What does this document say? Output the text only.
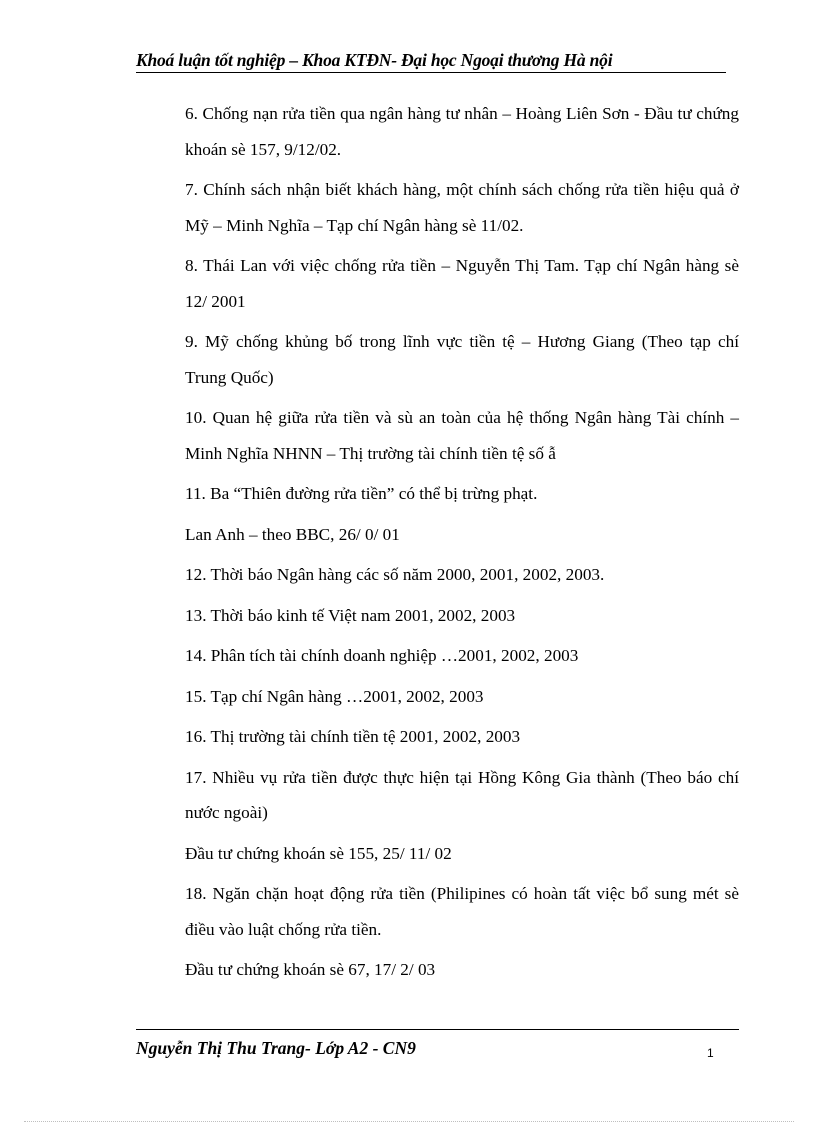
Khoá luận tốt nghiệp – Khoa KTĐN- Đại học Ngoại thương Hà nội

6. Chống nạn rửa tiền qua ngân hàng tư nhân – Hoàng Liên Sơn - Đầu tư chứng khoán sè 157, 9/12/02.

7. Chính sách nhận biết khách hàng, một chính sách chống rửa tiền hiệu quả ở Mỹ – Minh Nghĩa – Tạp chí Ngân hàng sè 11/02.

8. Thái Lan với việc chống rửa tiền – Nguyễn Thị Tam. Tạp chí Ngân hàng sè 12/ 2001

9. Mỹ chống khủng bố trong lĩnh vực tiền tệ – Hương Giang (Theo tạp chí Trung Quốc)

10. Quan hệ giữa rửa tiền và sù an toàn của hệ thống Ngân hàng Tài chính – Minh Nghĩa NHNN – Thị trường tài chính tiền tệ số ẫ

11. Ba “Thiên đường rửa tiền” có thể bị trừng phạt.

Lan Anh – theo BBC, 26/ 0/ 01

12. Thời báo Ngân hàng các số năm 2000, 2001, 2002, 2003.

13. Thời báo kinh tế Việt nam 2001, 2002, 2003

14. Phân tích tài chính doanh nghiệp …2001, 2002, 2003

15. Tạp chí Ngân hàng …2001, 2002, 2003

16. Thị trường tài chính tiền tệ 2001, 2002, 2003

17. Nhiều vụ rửa tiền được thực hiện tại Hồng Kông Gia thành (Theo báo chí nước ngoài)

Đầu tư chứng khoán sè 155, 25/ 11/ 02

18. Ngăn chặn hoạt động rửa tiền (Philipines có hoàn tất việc bổ sung mét sè điều vào luật chống rửa tiền.

Đầu tư chứng khoán sè 67, 17/ 2/ 03

Nguyễn Thị Thu Trang- Lớp A2 - CN9	1
